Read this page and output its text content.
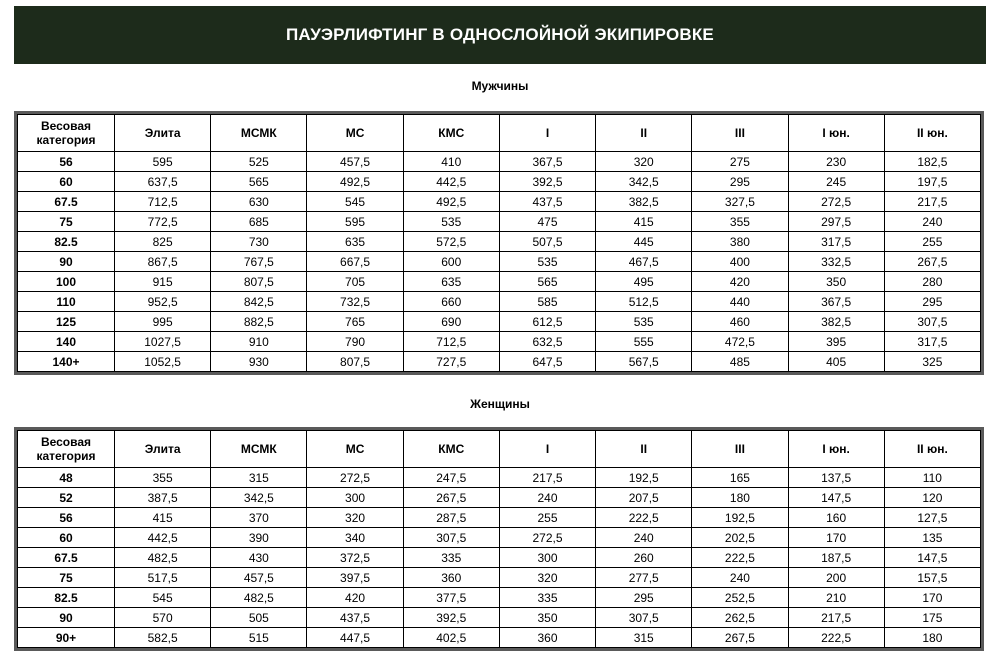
ПАУЭРЛИФТИНГ В ОДНОСЛОЙНОЙ ЭКИПИРОВКЕ
Мужчины
Весовая категория	Элита	МСМК	МС	КМС	I	II	III	I юн.	II юн.
56	595	525	457,5	410	367,5	320	275	230	182,5
60	637,5	565	492,5	442,5	392,5	342,5	295	245	197,5
67.5	712,5	630	545	492,5	437,5	382,5	327,5	272,5	217,5
75	772,5	685	595	535	475	415	355	297,5	240
82.5	825	730	635	572,5	507,5	445	380	317,5	255
90	867,5	767,5	667,5	600	535	467,5	400	332,5	267,5
100	915	807,5	705	635	565	495	420	350	280
110	952,5	842,5	732,5	660	585	512,5	440	367,5	295
125	995	882,5	765	690	612,5	535	460	382,5	307,5
140	1027,5	910	790	712,5	632,5	555	472,5	395	317,5
140+	1052,5	930	807,5	727,5	647,5	567,5	485	405	325
Женщины
Весовая категория	Элита	МСМК	МС	КМС	I	II	III	I юн.	II юн.
48	355	315	272,5	247,5	217,5	192,5	165	137,5	110
52	387,5	342,5	300	267,5	240	207,5	180	147,5	120
56	415	370	320	287,5	255	222,5	192,5	160	127,5
60	442,5	390	340	307,5	272,5	240	202,5	170	135
67.5	482,5	430	372,5	335	300	260	222,5	187,5	147,5
75	517,5	457,5	397,5	360	320	277,5	240	200	157,5
82.5	545	482,5	420	377,5	335	295	252,5	210	170
90	570	505	437,5	392,5	350	307,5	262,5	217,5	175
90+	582,5	515	447,5	402,5	360	315	267,5	222,5	180
